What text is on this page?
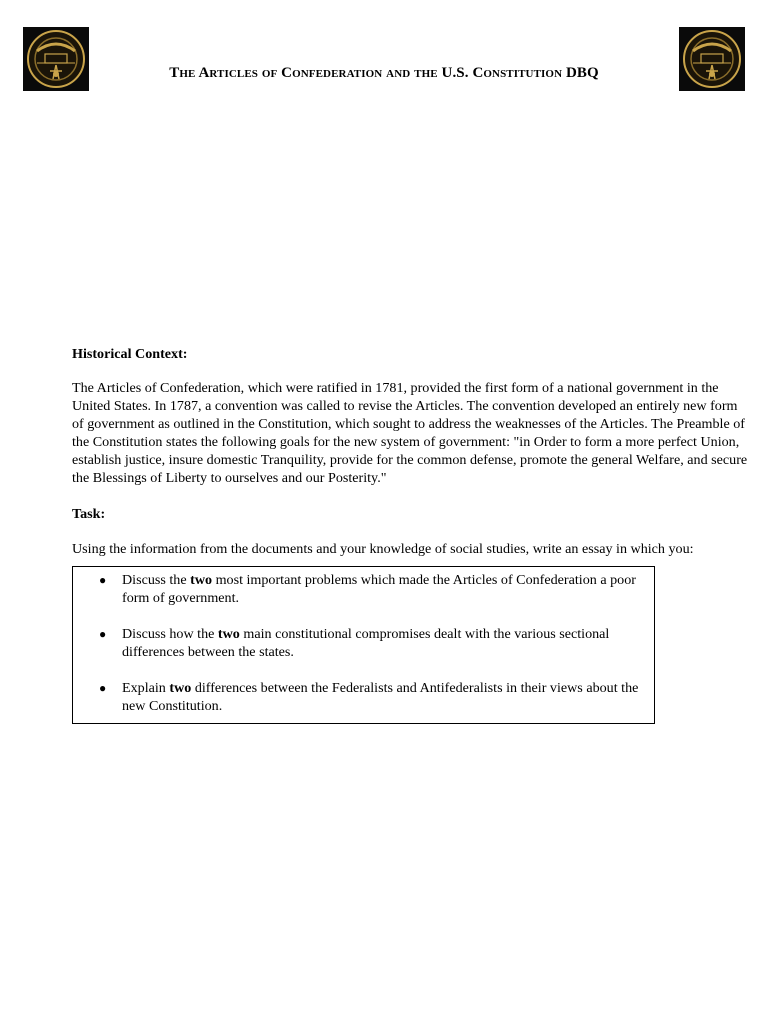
The Articles of Confederation and the U.S. Constitution DBQ
Historical Context:
The Articles of Confederation, which were ratified in 1781, provided the first form of a national government in the United States. In 1787, a convention was called to revise the Articles. The convention developed an entirely new form of government as outlined in the Constitution, which sought to address the weaknesses of the Articles. The Preamble of the Constitution states the following goals for the new system of government: "in Order to form a more perfect Union, establish justice, insure domestic Tranquility, provide for the common defense, promote the general Welfare, and secure the Blessings of Liberty to ourselves and our Posterity."
Task:
Using the information from the documents and your knowledge of social studies, write an essay in which you:
● Discuss the two most important problems which made the Articles of Confederation a poor form of government.
● Discuss how the two main constitutional compromises dealt with the various sectional differences between the states.
● Explain two differences between the Federalists and Antifederalists in their views about the new Constitution.
